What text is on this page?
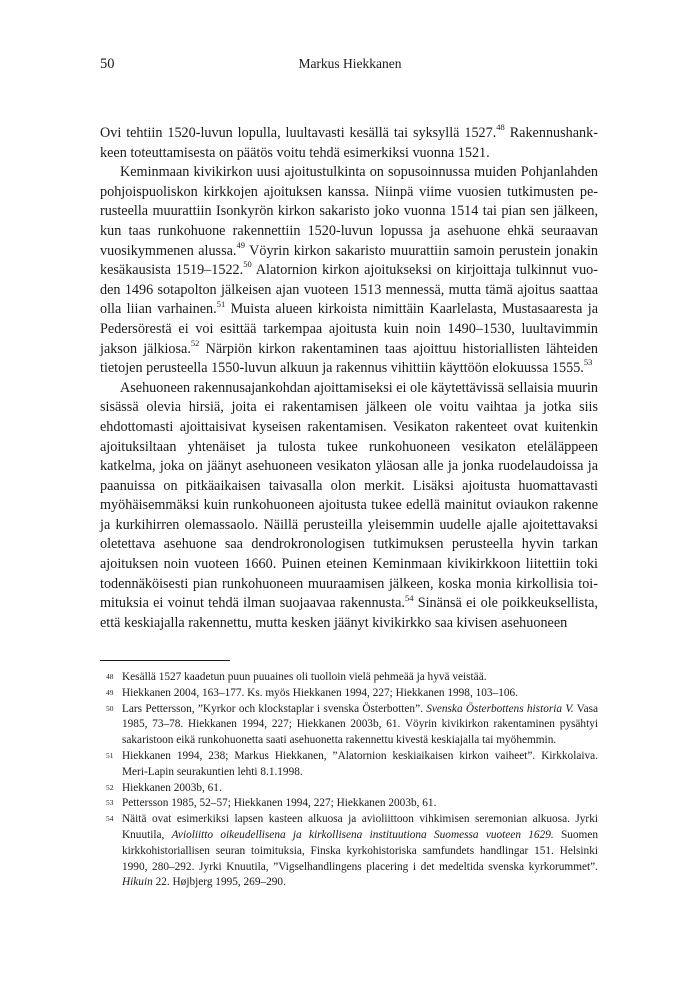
50	Markus Hiekkanen

Ovi tehtiin 1520-luvun lopulla, luultavasti kesällä tai syksyllä 1527.48 Rakennushankkeen toteuttamisesta on päätös voitu tehdä esimerkiksi vuonna 1521.

Keminmaan kivikirkon uusi ajoitustulkinta on sopusoinnussa muiden Pohjanlahden pohjoispuoliskon kirkkojen ajoituksen kanssa. Niinpä viime vuosien tutkimusten perusteella muurattiin Isonkyrön kirkon sakaristo joko vuonna 1514 tai pian sen jälkeen, kun taas runkohuone rakennettiin 1520-luvun lopussa ja asehuone ehkä seuraavan vuosikymmenen alussa.$^{49}$ Vöyrin kirkon sakaristo muurattiin samoin perustein jonakin kesäkausista 1519–1522.50 Alatornion kirkon ajoitukseksi on kirjoittaja tulkinnut vuoden 1496 sotapolton jälkeisen ajan vuoteen 1513 mennessä, mutta tämä ajoitus saattaa olla liian varhainen.$^{51}$ Muista alueen kirkoista nimittäin Kaarlelasta, Mustasaaresta ja Pedersörestä ei voi esittää tarkempaa ajoitusta kuin noin 1490–1530, luultavimmin jakson jälkiosa.$^{52}$ Närpiön kirkon rakentaminen taas ajoittuu historiallisten lähteiden tietojen perusteella 1550-luvun alkuun ja rakennus vihittiin käyttöön elokuussa 1555.53

Asehuoneen rakennusajankohdan ajoittamiseksi ei ole käytettävissä sellaisia muurin sisässä olevia hirsiä, joita ei rakentamisen jälkeen ole voitu vaihtaa ja jotka siis ehdottomasti ajoittaisivat kyseisen rakentamisen. Vesikaton rakenteet ovat kuitenkin ajoituksiltaan yhtenäiset ja tulosta tukee runkohuoneen vesikaton eteläläppeen katkelma, joka on jäänyt asehuoneen vesikaton yläosan alle ja jonka ruodelaudoissa ja paanuissa on pitkäaikaisen taivasalla olon merkit. Lisäksi ajoitusta huomattavasti myöhäisemmäksi kuin runkohuoneen ajoitusta tukee edellä mainitut oviaukon rakenne ja kurkihirren olemassaolo. Näillä perusteilla yleisemmin uudelle ajalle ajoitettavaksi oletettava asehuone saa dendrokronologisen tutkimuksen perusteella hyvin tarkan ajoituksen noin vuoteen 1660. Puinen eteinen Keminmaan kivikirkkoon liitettiin toki todennäköisesti pian runkohuoneen muuraamisen jälkeen, koska monia kirkollisia toimituksia ei voinut tehdä ilman suojaavaa rakennusta.$^{54}$ Sinänsä ei ole poikkeuksellista, että keskiajalla rakennettu, mutta kesken jäänyt kivikirkko saa kivisen asehuoneen

48 Kesällä 1527 kaadetun puun puuaines oli tuolloin vielä pehmeää ja hyvä veistää.
49 Hiekkanen 2004, 163–177. Ks. myös Hiekkanen 1994, 227; Hiekkanen 1998, 103–106.
50 Lars Pettersson, ”Kyrkor och klockstaplar i svenska Österbotten”. Svenska Österbottens historia V. Vasa 1985, 73–78. Hiekkanen 1994, 227; Hiekkanen 2003b, 61. Vöyrin kivikirkon rakentaminen pysähtyi sakaristoon eikä runkohuonetta saati asehuonetta rakennettu kivestä keskiajalla tai myöhemmin.
51 Hiekkanen 1994, 238; Markus Hiekkanen, ”Alatornion keskiaikaisen kirkon vaiheet”. Kirkkolaiva. Meri-Lapin seurakuntien lehti 8.1.1998.
52 Hiekkanen 2003b, 61.
53 Pettersson 1985, 52–57; Hiekkanen 1994, 227; Hiekkanen 2003b, 61.
54 Näitä ovat esimerkiksi lapsen kasteen alkuosa ja avioliittoon vihkimisen seremonian alkuosa. Jyrki Knuutila, Avioliitto oikeudellisena ja kirkollisena instituutiona Suomessa vuoteen 1629. Suomen kirkkohistoriallisen seuran toimituksia, Finska kyrkohistoriska samfundets handlingar 151. Helsinki 1990, 280–292. Jyrki Knuutila, ”Vigselhandlingens placering i det medeltida svenska kyrkorummet”. Hikuin 22. Højbjerg 1995, 269–290.
